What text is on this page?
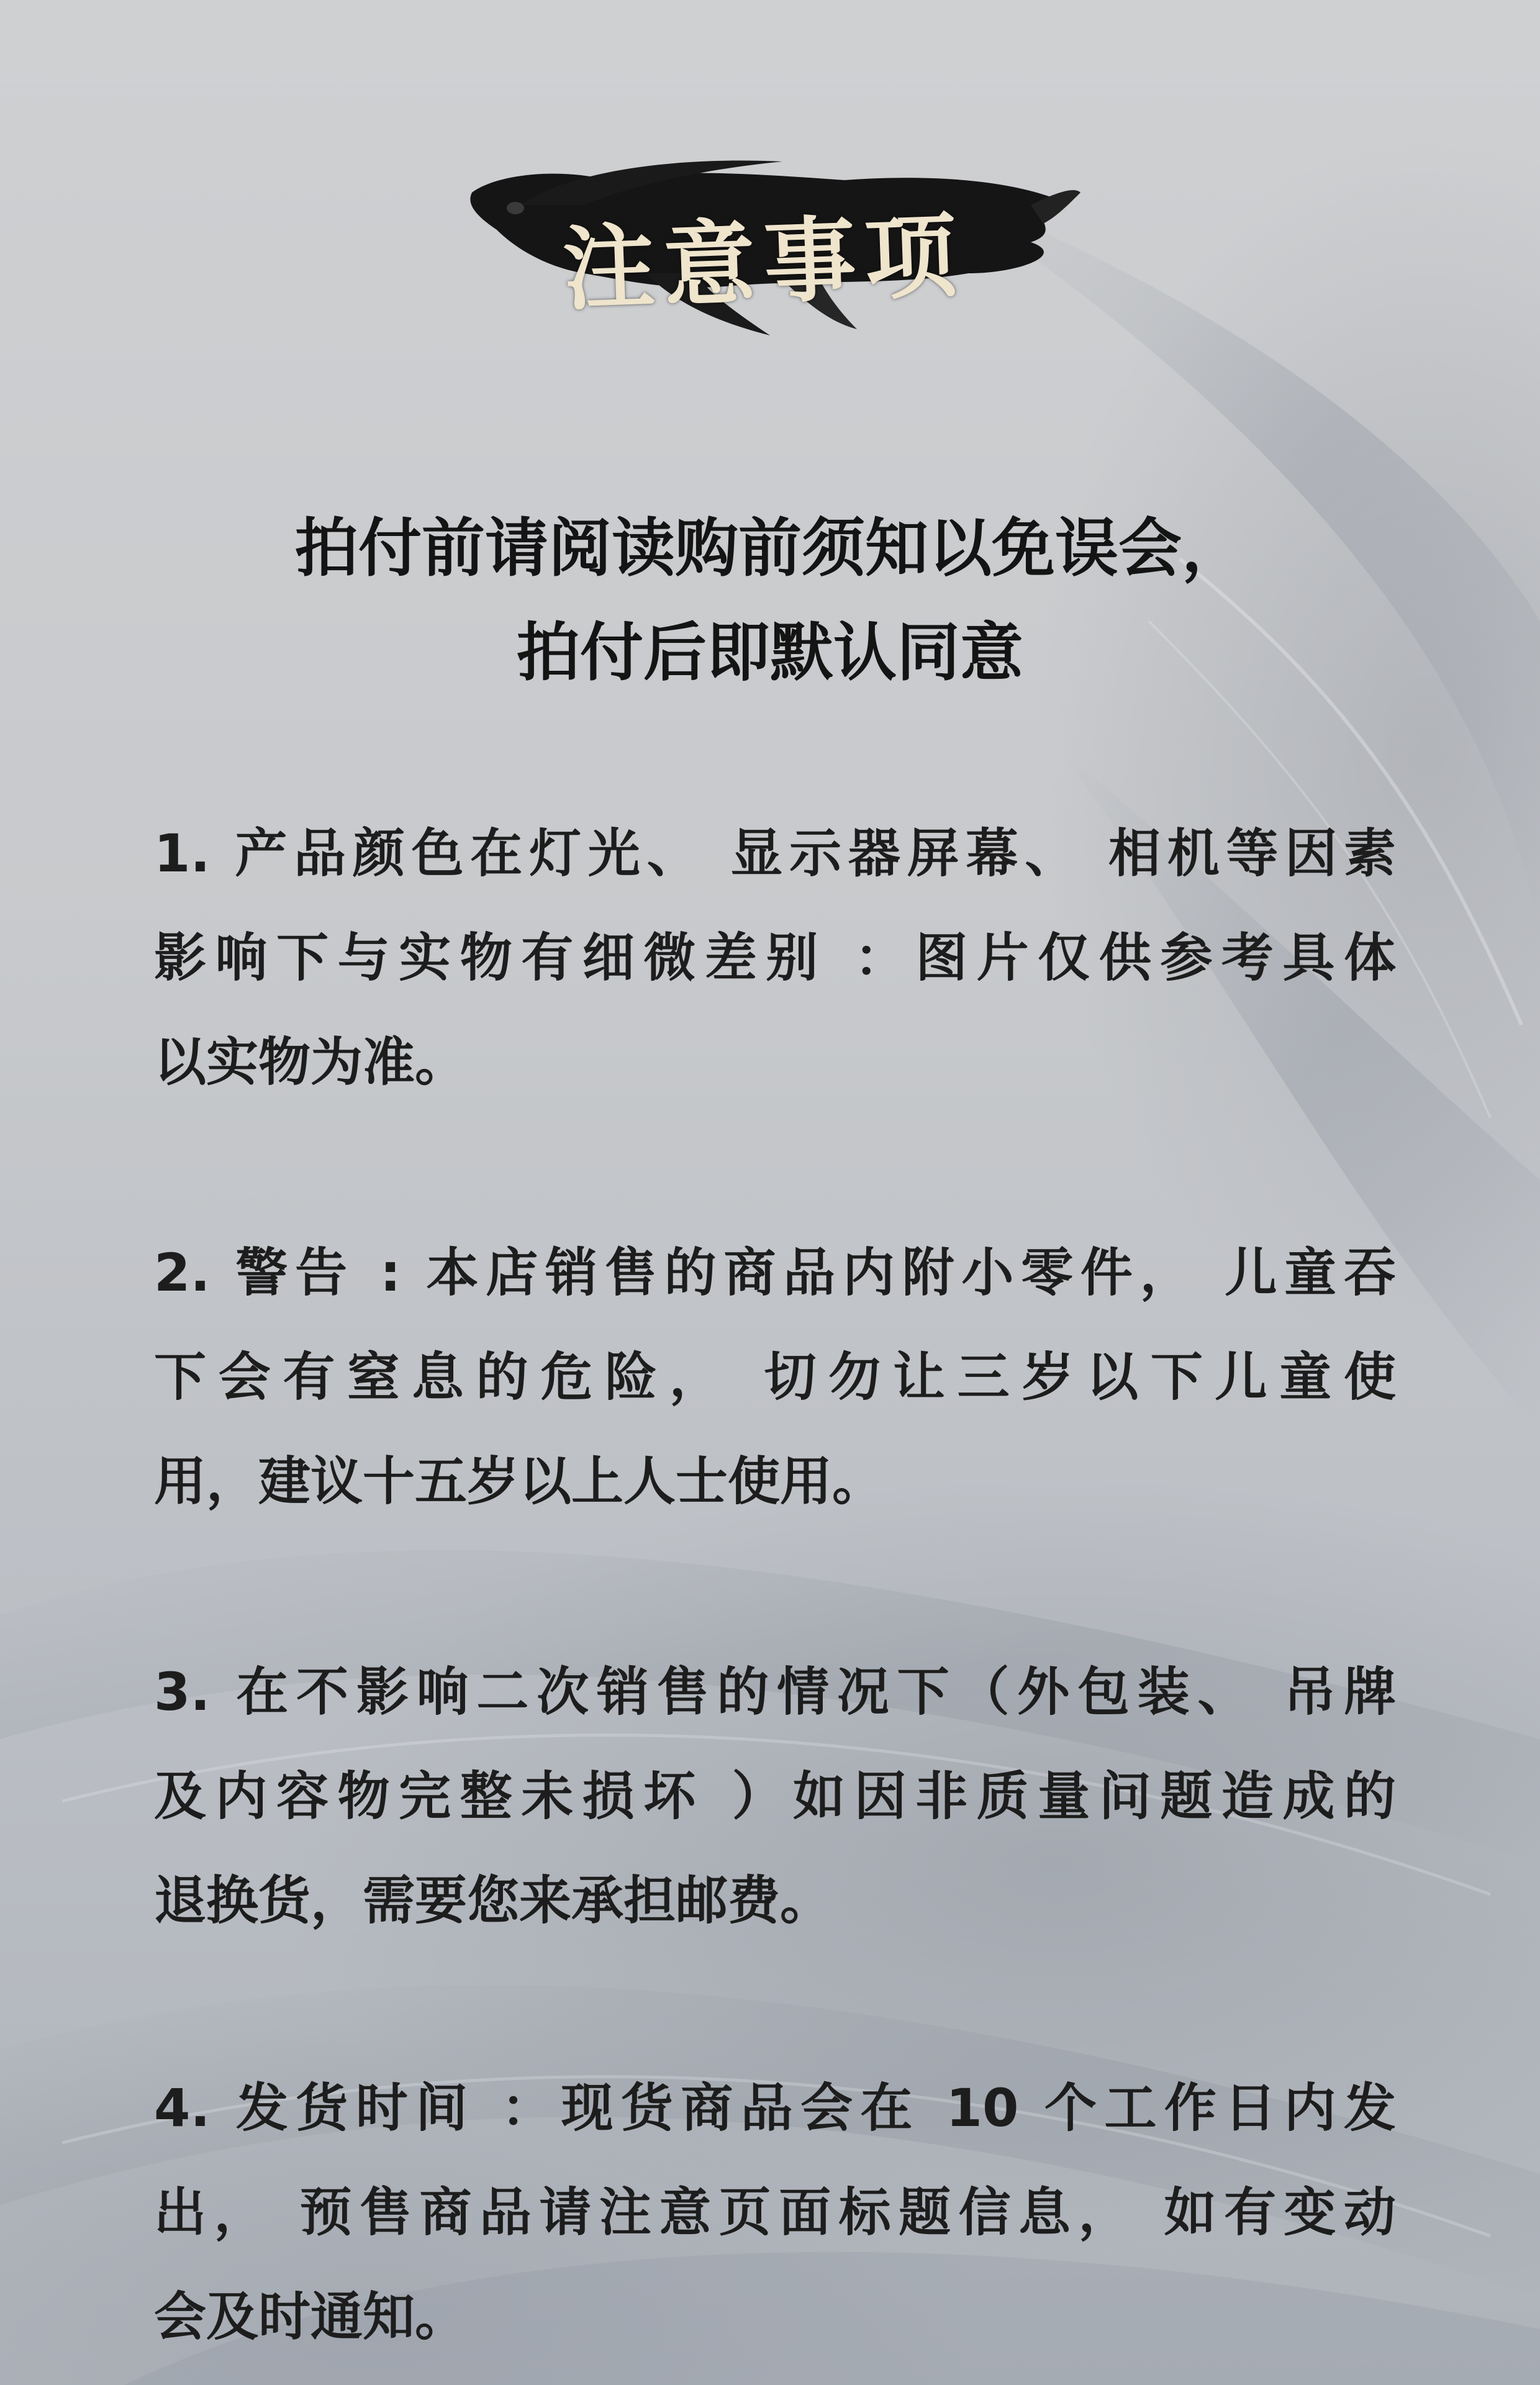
注意事项
拍付前请阅读购前须知以免误会，
拍付后即默认同意
1. 产品颜色在灯光、 显示器屏幕、 相机等因素
影响下与实物有细微差别 ：图片仅供参考具体
以实物为准。
2. 警告 : 本店销售的商品内附小零件， 儿童吞
下会有窒息的危险， 切勿让三岁以下儿童使
用，建议十五岁以上人士使用。
3. 在不影响二次销售的情况下（外包装、 吊牌
及内容物完整未损坏 ）如因非质量问题造成的
退换货，需要您来承担邮费。
4. 发货时间 ：现货商品会在 10 个工作日内发
出， 预售商品请注意页面标题信息， 如有变动
会及时通知。
